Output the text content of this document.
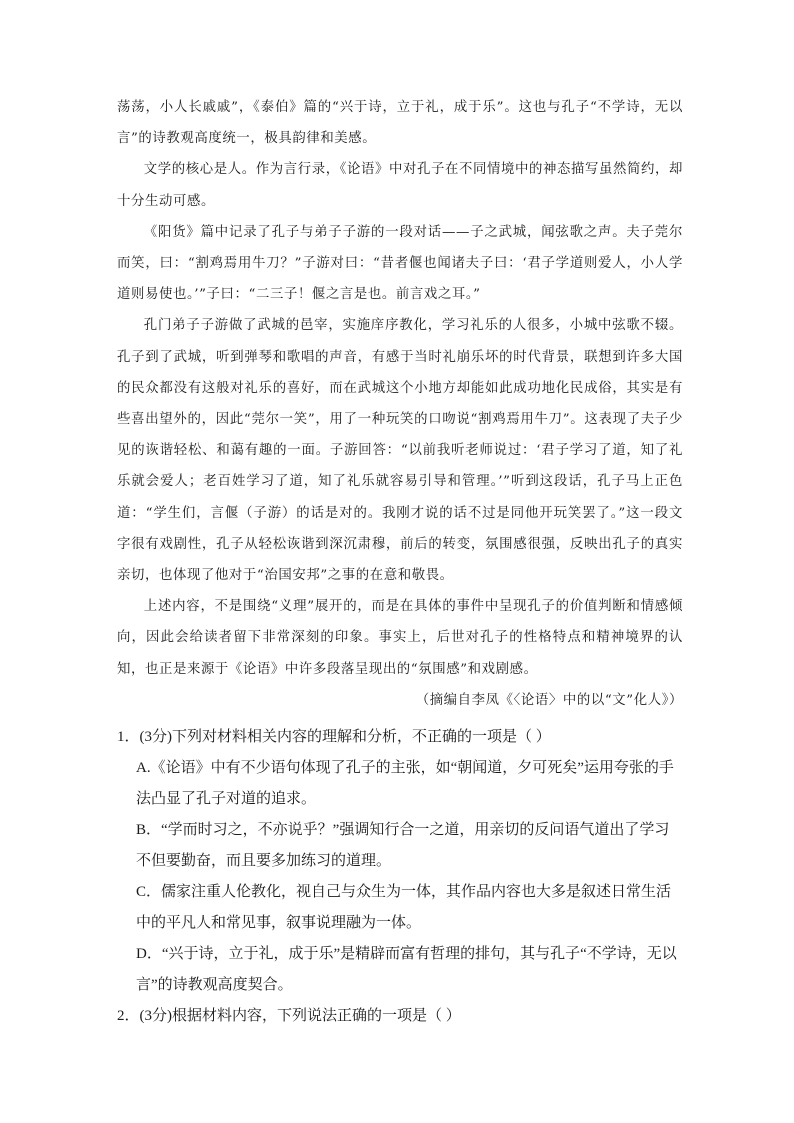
荡荡，小人长戚戚”，《泰伯》篇的“兴于诗，立于礼，成于乐”。这也与孔子“不学诗，无以言”的诗教观高度统一，极具韵律和美感。

文学的核心是人。作为言行录，《论语》中对孔子在不同情境中的神态描写虽然简约，却十分生动可感。

《阳货》篇中记录了孔子与弟子子游的一段对话——子之武城，闻弦歌之声。夫子莞尔而笑，曰：“割鸡焉用牛刀？”子游对曰：“昔者偃也闻诸夫子曰：‘君子学道则爱人，小人学道则易使也。’”子曰：“二三子！偃之言是也。前言戏之耳。”

孔门弟子子游做了武城的邑宰，实施庠序教化，学习礼乐的人很多，小城中弦歌不辍。孔子到了武城，听到弹琴和歌唱的声音，有感于当时礼崩乐坏的时代背景，联想到许多大国的民众都没有这般对礼乐的喜好，而在武城这个小地方却能如此成功地化民成俗，其实是有些喜出望外的，因此“莞尔一笑”，用了一种玩笑的口吻说“割鸡焉用牛刀”。这表现了夫子少见的诙谐轻松、和蔼有趣的一面。子游回答：“以前我听老师说过：‘君子学习了道，知了礼乐就会爱人；老百姓学习了道，知了礼乐就容易引导和管理。’”听到这段话，孔子马上正色道：“学生们，言偃（子游）的话是对的。我刚才说的话不过是同他开玩笑罢了。”这一段文字很有戏剧性，孔子从轻松诙谐到深沉肃穆，前后的转变，氛围感很强，反映出孔子的真实亲切，也体现了他对于“治国安邦”之事的在意和敬畏。

上述内容，不是围绕“义理”展开的，而是在具体的事件中呈现孔子的价值判断和情感倾向，因此会给读者留下非常深刻的印象。事实上，后世对孔子的性格特点和精神境界的认知，也正是来源于《论语》中许多段落呈现出的“氛围感”和戏剧感。

（摘编自李凤《〈论语〉中的以“文”化人》）

1．(3分)下列对材料相关内容的理解和分析，不正确的一项是（ ）

A.《论语》中有不少语句体现了孔子的主张，如“朝闻道，夕可死矣”运用夸张的手法凸显了孔子对道的追求。

B．“学而时习之，不亦说乎？”强调知行合一之道，用亲切的反问语气道出了学习不但要勤奋，而且要多加练习的道理。

C．儒家注重人伦教化，视自己与众生为一体，其作品内容也大多是叙述日常生活中的平凡人和常见事，叙事说理融为一体。

D．“兴于诗，立于礼，成于乐”是精辟而富有哲理的排句，其与孔子“不学诗，无以言”的诗教观高度契合。

2．(3分)根据材料内容，下列说法正确的一项是（ ）
